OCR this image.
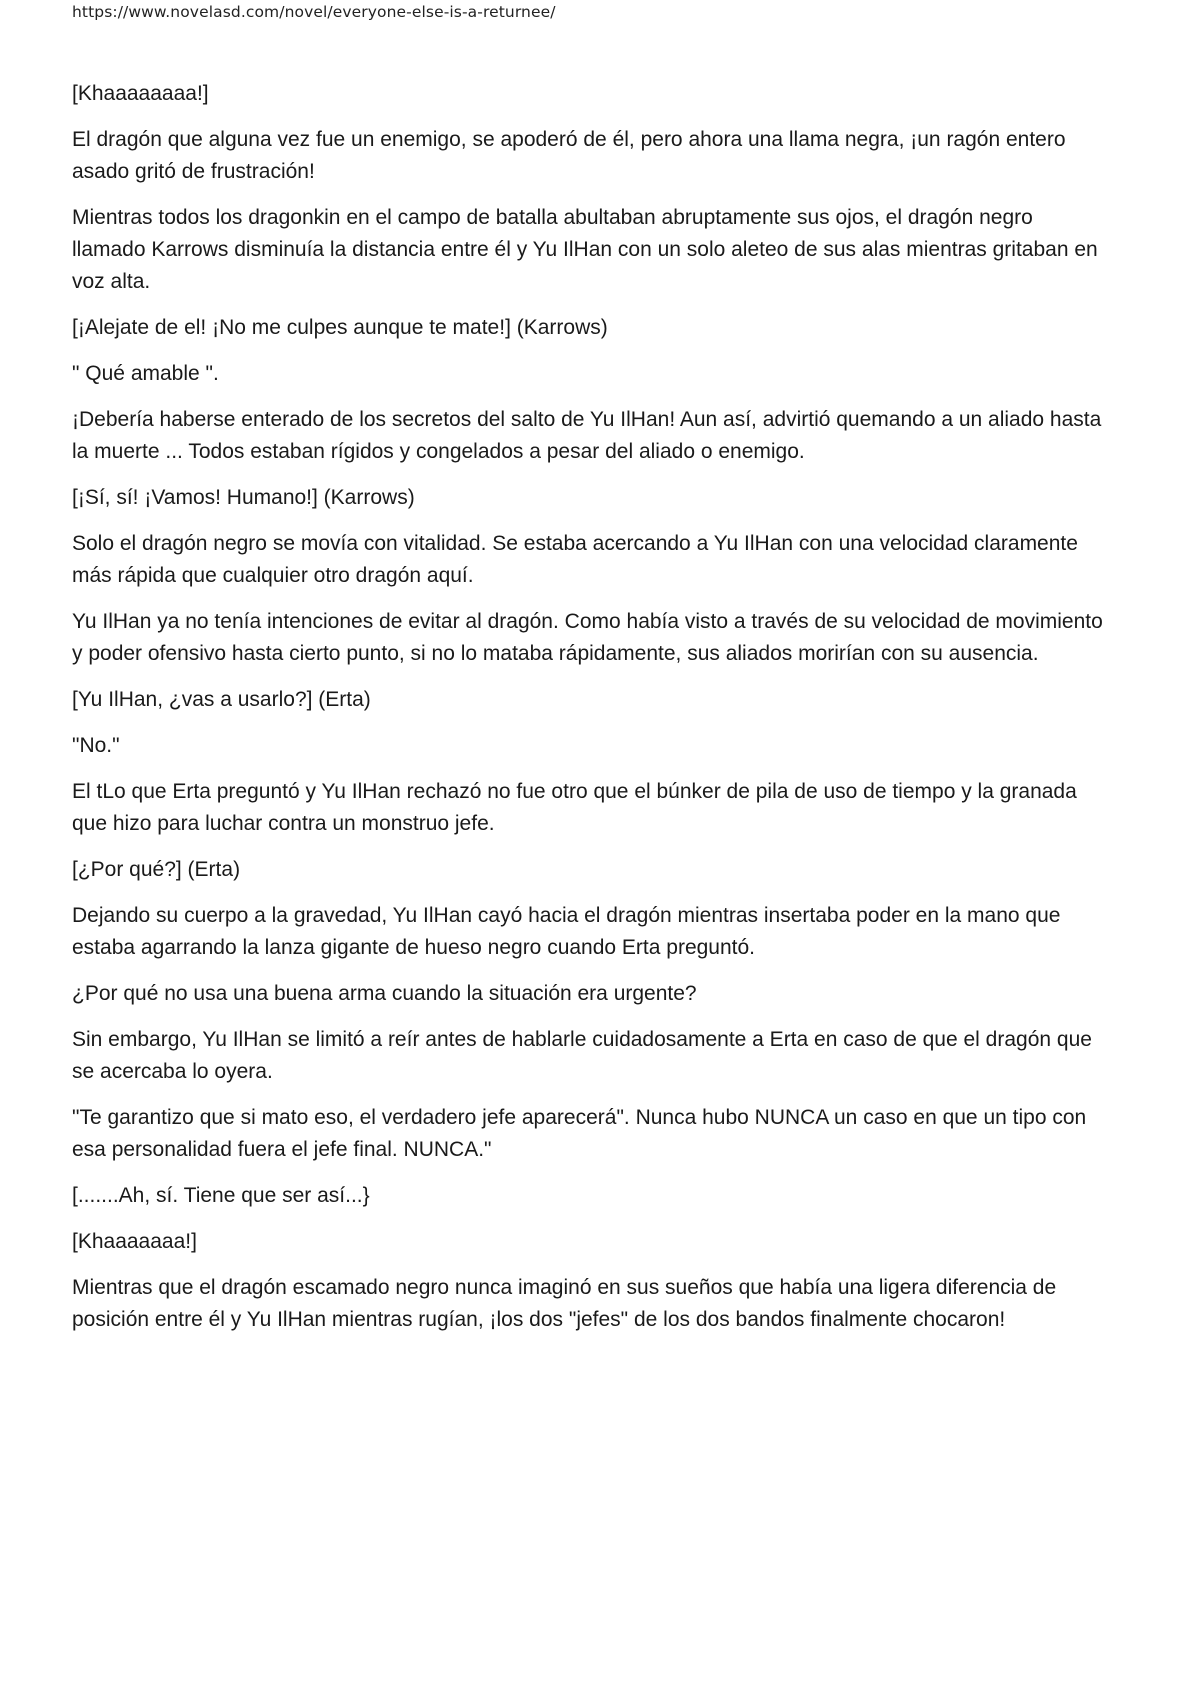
https://www.novelasd.com/novel/everyone-else-is-a-returnee/

[Khaaaaaaaa!]

El dragón que alguna vez fue un enemigo, se apoderó de él, pero ahora una llama negra, ¡un ragón entero asado gritó de frustración!

Mientras todos los dragonkin en el campo de batalla abultaban abruptamente sus ojos, el dragón negro llamado Karrows disminuía la distancia entre él y Yu IlHan con un solo aleteo de sus alas mientras gritaban en voz alta.

[¡Alejate de el! ¡No me culpes aunque te mate!] (Karrows)

" Qué amable ".

¡Debería haberse enterado de los secretos del salto de Yu IlHan! Aun así, advirtió quemando a un aliado hasta la muerte ... Todos estaban rígidos y congelados a pesar del aliado o enemigo.

[¡Sí, sí! ¡Vamos! Humano!] (Karrows)

Solo el dragón negro se movía con vitalidad. Se estaba acercando a Yu IlHan con una velocidad claramente más rápida que cualquier otro dragón aquí.

Yu IlHan ya no tenía intenciones de evitar al dragón. Como había visto a través de su velocidad de movimiento y poder ofensivo hasta cierto punto, si no lo mataba rápidamente, sus aliados morirían con su ausencia.

[Yu IlHan, ¿vas a usarlo?] (Erta)

"No."

El tLo que Erta preguntó y Yu IlHan rechazó no fue otro que el búnker de pila de uso de tiempo y la granada que hizo para luchar contra un monstruo jefe.

[¿Por qué?] (Erta)

Dejando su cuerpo a la gravedad, Yu IlHan cayó hacia el dragón mientras insertaba poder en la mano que estaba agarrando la lanza gigante de hueso negro cuando Erta preguntó.

¿Por qué no usa una buena arma cuando la situación era urgente?

Sin embargo, Yu IlHan se limitó a reír antes de hablarle cuidadosamente a Erta en caso de que el dragón que se acercaba lo oyera.

"Te garantizo que si mato eso, el verdadero jefe aparecerá". Nunca hubo NUNCA un caso en que un tipo con esa personalidad fuera el jefe final. NUNCA."

[.......Ah, sí. Tiene que ser así...}

[Khaaaaaaa!]

Mientras que el dragón escamado negro nunca imaginó en sus sueños que había una ligera diferencia de posición entre él y Yu IlHan mientras rugían, ¡los dos "jefes" de los dos bandos finalmente chocaron!
